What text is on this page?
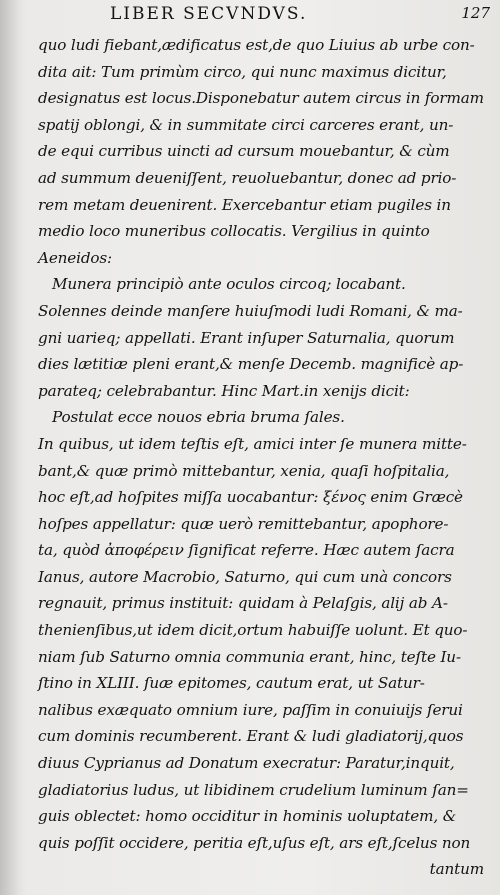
LIBER SECVNDVS.	127
quo ludi fiebant,ædificatus est,de quo Liuius ab urbe con-
dita ait: Tum primùm circo, qui nunc maximus dicitur,
designatus est locus.Disponebatur autem circus in formam
spatij oblongi, & in summitate circi carceres erant, un-
de equi curribus uincti ad cursum mouebantur, & cùm
ad summum deueniſſent, reuoluebantur, donec ad prio-
rem metam deuenirent. Exercebantur etiam pugiles in
medio loco muneribus collocatis. Vergilius in quinto
Aeneidos:
Munera principiò ante oculos circoq; locabant.
Solennes deinde manſere huiuſmodi ludi Romani, & ma-
gni uarieq; appellati. Erant inſuper Saturnalia, quorum
dies lætitiæ pleni erant,& menſe Decemb. magnificè ap-
parateq; celebrabantur. Hinc Mart.in xenijs dicit:
Postulat ecce nouos ebria bruma ſales.
In quibus, ut idem teſtis eſt, amici inter ſe munera mitte-
bant,& quæ primò mittebantur, xenia, quaſi hoſpitalia,
hoc eſt,ad hoſpites miſſa uocabantur: ξένος enim Græcè
hoſpes appellatur: quæ uerò remittebantur, apophore-
ta, quòd ἀποφέρειν ſignificat referre. Hæc autem ſacra
Ianus, autore Macrobio, Saturno, qui cum unà concors
regnauit, primus instituit: quidam à Pelaſgis, alij ab A-
thenienſibus,ut idem dicit,ortum habuiſſe uolunt. Et quo-
niam ſub Saturno omnia communia erant, hinc, teſte Iu-
ſtino in XLIII. ſuæ epitomes, cautum erat, ut Satur-
nalibus exæquato omnium iure, paſſim in conuiuijs ſerui
cum dominis recumberent. Erant & ludi gladiatorij,quos
diuus Cyprianus ad Donatum execratur: Paratur,inquit,
gladiatorius ludus, ut libidinem crudelium luminum ſan=
guis oblectet: homo occiditur in hominis uoluptatem, &
quis poſſit occidere, peritia eſt,uſus eſt, ars eſt,ſcelus non
tantum
